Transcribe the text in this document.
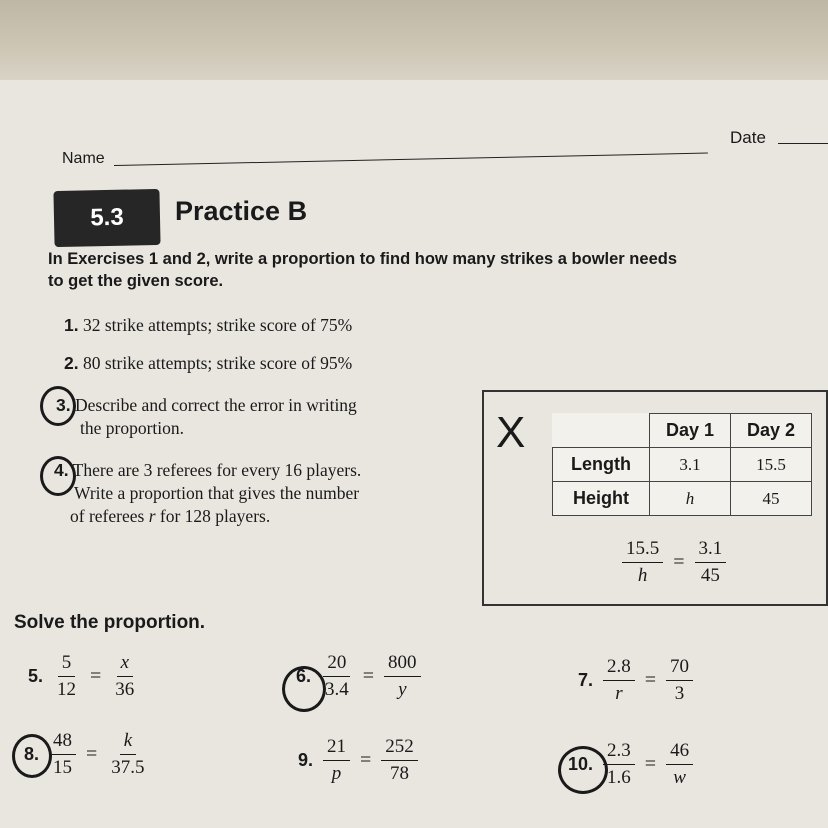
Name
Date
5.3	Practice B
In Exercises 1 and 2, write a proportion to find how many strikes a bowler needs
to get the given score.
1. 32 strike attempts; strike score of 75%
2. 80 strike attempts; strike score of 95%
3. Describe and correct the error in writing
the proportion.
4. There are 3 referees for every 16 players.
Write a proportion that gives the number
of referees r for 128 players.
X
		Day 1	Day 2
Length	3.1	15.5
Height	h	45
$\frac{15.5}{h} = \frac{3.1}{45}$
Solve the proportion.
5. $\frac{5}{12} = \frac{x}{36}$	6. $\frac{20}{3.4} = \frac{800}{y}$	7. $\frac{2.8}{r} = \frac{70}{3}$
8. $\frac{48}{15} = \frac{k}{37.5}$	9. $\frac{21}{p} = \frac{252}{78}$	10. $\frac{2.3}{1.6} = \frac{46}{w}$
